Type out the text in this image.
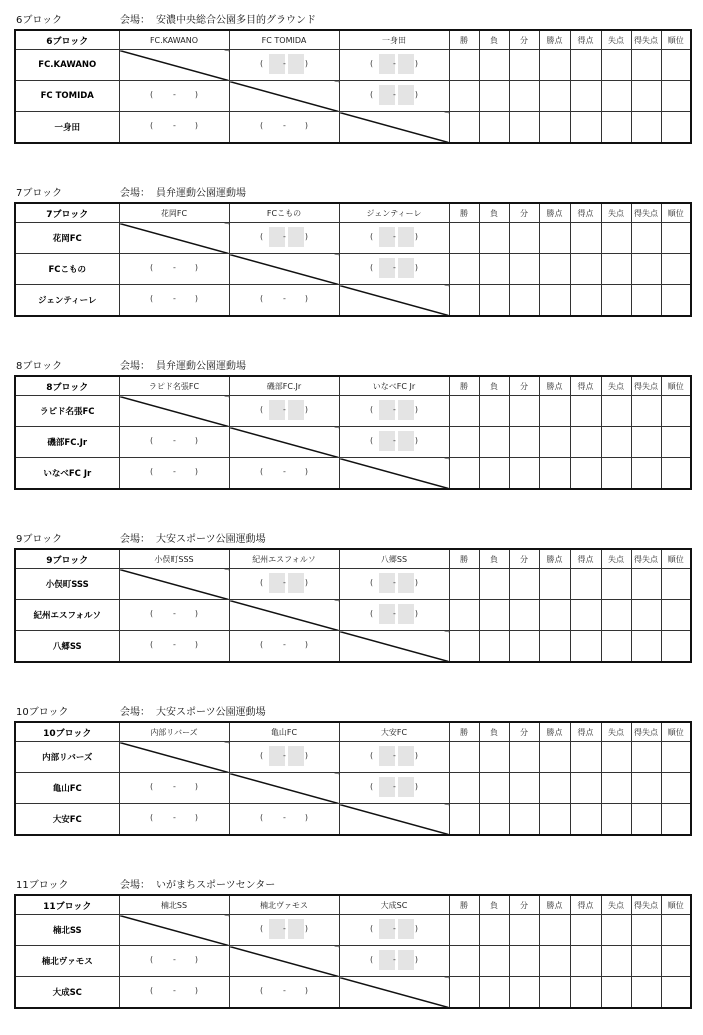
6ブロック	会場： 安濃中央総合公園多目的グラウンド
6ブロック	FC.KAWANO	FC TOMIDA	一身田	勝	負	分	勝点	得点	失点	得失点	順位
FC.KAWANO		( - )	( - )								

FC TOMIDA	( - )		( - )								

一身田	( - )	( - )									

7ブロック	会場： 員弁運動公園運動場
7ブロック	花岡FC	FCこもの	ジェンティーレ	勝	負	分	勝点	得点	失点	得失点	順位
花岡FC		( - )	( - )								

FCこもの	( - )		( - )								

ジェンティーレ	( - )	( - )									

8ブロック	会場： 員弁運動公園運動場
8ブロック	ラピド名張FC	磯部FC.Jr	いなべFC Jr	勝	負	分	勝点	得点	失点	得失点	順位
ラピド名張FC		( - )	( - )								

磯部FC.Jr	( - )		( - )								

いなべFC Jr	( - )	( - )									

9ブロック	会場： 大安スポーツ公園運動場
9ブロック	小俣町SSS	紀州エスフォルソ	八郷SS	勝	負	分	勝点	得点	失点	得失点	順位
小俣町SSS		( - )	( - )								

紀州エスフォルソ	( - )		( - )								

八郷SS	( - )	( - )									

10ブロック	会場： 大安スポーツ公園運動場
10ブロック	内部リバーズ	亀山FC	大安FC	勝	負	分	勝点	得点	失点	得失点	順位
内部リバーズ		( - )	( - )								

亀山FC	( - )		( - )								

大安FC	( - )	( - )									

11ブロック	会場： いがまちスポーツセンター
11ブロック	楠北SS	楠北ヴァモス	大成SC	勝	負	分	勝点	得点	失点	得失点	順位
楠北SS		( - )	( - )								

楠北ヴァモス	( - )		( - )								

大成SC	( - )	( - )									
